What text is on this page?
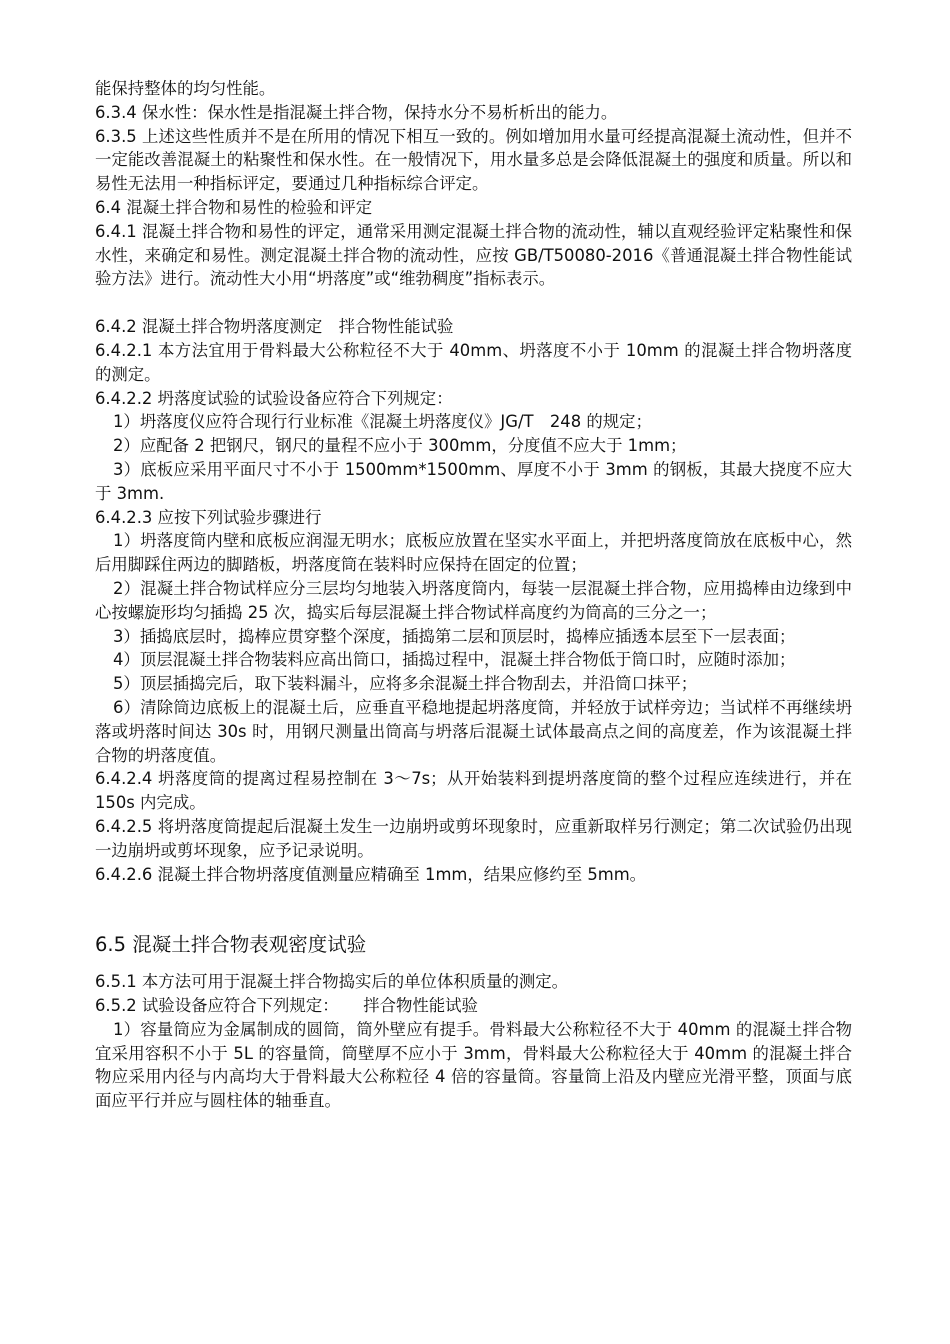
能保持整体的均匀性能。

6.3.4 保水性：保水性是指混凝土拌合物，保持水分不易析析出的能力。

6.3.5 上述这些性质并不是在所用的情况下相互一致的。例如增加用水量可经提高混凝土流动性，但并不一定能改善混凝土的粘聚性和保水性。在一般情况下，用水量多总是会降低混凝土的强度和质量。所以和易性无法用一种指标评定，要通过几种指标综合评定。

6.4 混凝土拌合物和易性的检验和评定

6.4.1 混凝土拌合物和易性的评定，通常采用测定混凝土拌合物的流动性，辅以直观经验评定粘聚性和保水性，来确定和易性。测定混凝土拌合物的流动性，应按 GB/T50080-2016《普通混凝土拌合物性能试验方法》进行。流动性大小用“坍落度”或“维勃稠度”指标表示。

6.4.2 混凝土拌合物坍落度测定　拌合物性能试验

6.4.2.1 本方法宜用于骨料最大公称粒径不大于 40mm、坍落度不小于 10mm 的混凝土拌合物坍落度的测定。

6.4.2.2 坍落度试验的试验设备应符合下列规定：

1）坍落度仪应符合现行行业标准《混凝土坍落度仪》JG/T　248 的规定；

2）应配备 2 把钢尺，钢尺的量程不应小于 300mm，分度值不应大于 1mm；

3）底板应采用平面尺寸不小于 1500mm*1500mm、厚度不小于 3mm 的钢板，其最大挠度不应大于 3mm.

6.4.2.3 应按下列试验步骤进行

1）坍落度筒内壁和底板应润湿无明水；底板应放置在坚实水平面上，并把坍落度筒放在底板中心，然后用脚踩住两边的脚踏板，坍落度筒在装料时应保持在固定的位置；

2）混凝土拌合物试样应分三层均匀地装入坍落度筒内，每装一层混凝土拌合物，应用捣棒由边缘到中心按螺旋形均匀插捣 25 次，捣实后每层混凝土拌合物试样高度约为筒高的三分之一；

3）插捣底层时，捣棒应贯穿整个深度，插捣第二层和顶层时，捣棒应插透本层至下一层表面；

4）顶层混凝土拌合物装料应高出筒口，插捣过程中，混凝土拌合物低于筒口时，应随时添加；

5）顶层插捣完后，取下装料漏斗，应将多余混凝土拌合物刮去，并沿筒口抹平；

6）清除筒边底板上的混凝土后，应垂直平稳地提起坍落度筒，并轻放于试样旁边；当试样不再继续坍落或坍落时间达 30s 时，用钢尺测量出筒高与坍落后混凝土试体最高点之间的高度差，作为该混凝土拌合物的坍落度值。

6.4.2.4 坍落度筒的提离过程易控制在 3～7s；从开始装料到提坍落度筒的整个过程应连续进行，并在 150s 内完成。

6.4.2.5 将坍落度筒提起后混凝土发生一边崩坍或剪坏现象时，应重新取样另行测定；第二次试验仍出现一边崩坍或剪坏现象，应予记录说明。

6.4.2.6 混凝土拌合物坍落度值测量应精确至 1mm，结果应修约至 5mm。

6.5 混凝土拌合物表观密度试验

6.5.1 本方法可用于混凝土拌合物捣实后的单位体积质量的测定。

6.5.2 试验设备应符合下列规定：　　拌合物性能试验

1）容量筒应为金属制成的圆筒，筒外壁应有提手。骨料最大公称粒径不大于 40mm 的混凝土拌合物宜采用容积不小于 5L 的容量筒，筒壁厚不应小于 3mm，骨料最大公称粒径大于 40mm 的混凝土拌合物应采用内径与内高均大于骨料最大公称粒径 4 倍的容量筒。容量筒上沿及内壁应光滑平整，顶面与底面应平行并应与圆柱体的轴垂直。
